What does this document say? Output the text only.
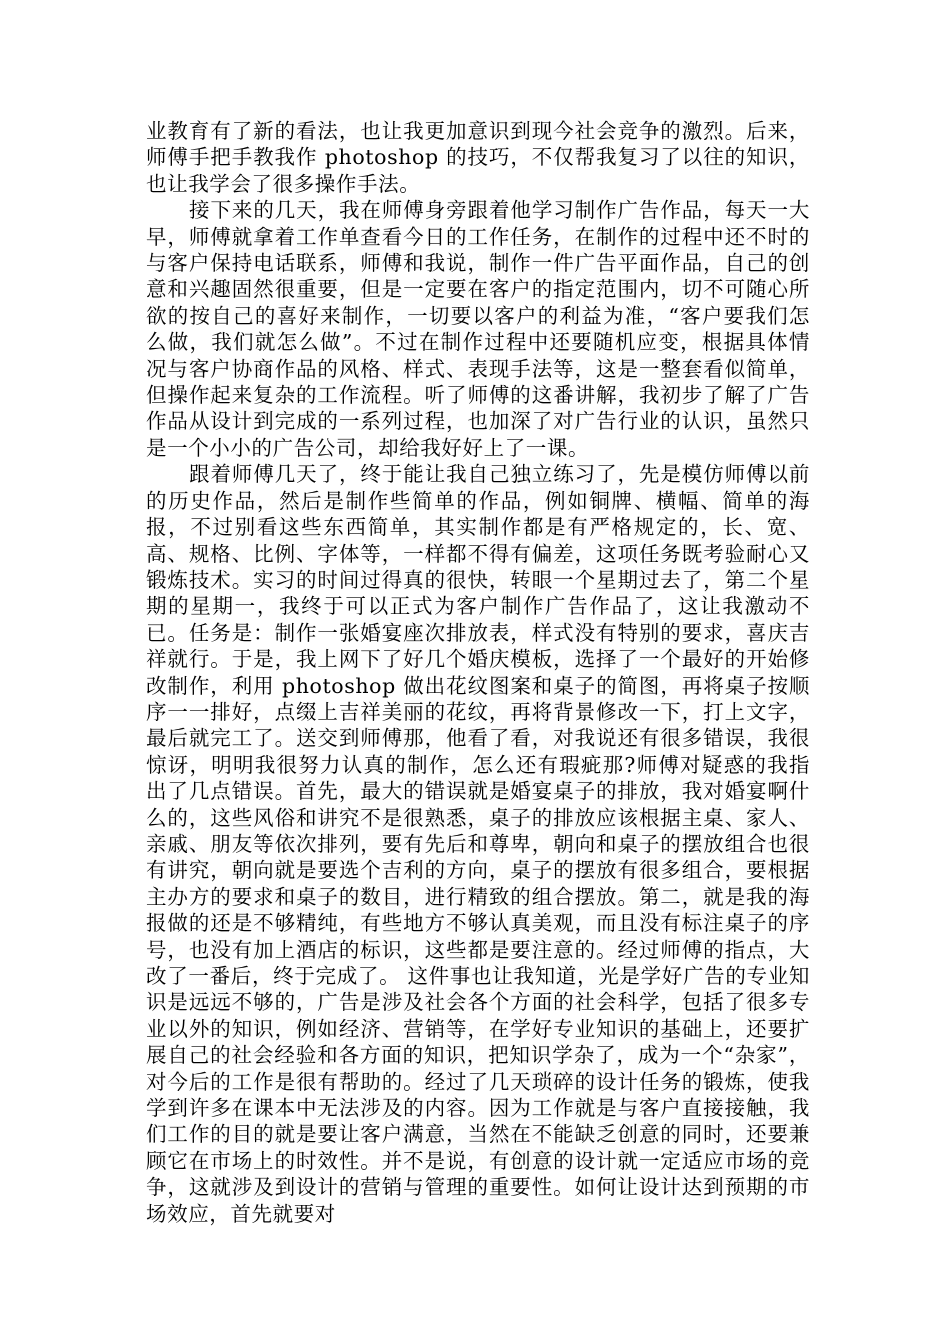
业教育有了新的看法，也让我更加意识到现今社会竞争的激烈。后来，师傅手把手教我作 photoshop 的技巧，不仅帮我复习了以往的知识，也让我学会了很多操作手法。

接下来的几天，我在师傅身旁跟着他学习制作广告作品，每天一大早，师傅就拿着工作单查看今日的工作任务，在制作的过程中还不时的与客户保持电话联系，师傅和我说，制作一件广告平面作品，自己的创意和兴趣固然很重要，但是一定要在客户的指定范围内，切不可随心所欲的按自己的喜好来制作，一切要以客户的利益为准，“客户要我们怎么做，我们就怎么做”。不过在制作过程中还要随机应变，根据具体情况与客户协商作品的风格、样式、表现手法等，这是一整套看似简单，但操作起来复杂的工作流程。听了师傅的这番讲解，我初步了解了广告作品从设计到完成的一系列过程，也加深了对广告行业的认识，虽然只是一个小小的广告公司，却给我好好上了一课。

跟着师傅几天了，终于能让我自己独立练习了，先是模仿师傅以前的历史作品，然后是制作些简单的作品，例如铜牌、横幅、简单的海报，不过别看这些东西简单，其实制作都是有严格规定的，长、宽、高、规格、比例、字体等，一样都不得有偏差，这项任务既考验耐心又锻炼技术。实习的时间过得真的很快，转眼一个星期过去了，第二个星期的星期一，我终于可以正式为客户制作广告作品了，这让我激动不已。任务是：制作一张婚宴座次排放表，样式没有特别的要求，喜庆吉祥就行。于是，我上网下了好几个婚庆模板，选择了一个最好的开始修改制作，利用 photoshop 做出花纹图案和桌子的简图，再将桌子按顺序一一排好，点缀上吉祥美丽的花纹，再将背景修改一下，打上文字，最后就完工了。送交到师傅那，他看了看，对我说还有很多错误，我很惊讶，明明我很努力认真的制作，怎么还有瑕疵那?师傅对疑惑的我指出了几点错误。首先，最大的错误就是婚宴桌子的排放，我对婚宴啊什么的，这些风俗和讲究不是很熟悉，桌子的排放应该根据主桌、家人、亲戚、朋友等依次排列，要有先后和尊卑，朝向和桌子的摆放组合也很有讲究，朝向就是要选个吉利的方向，桌子的摆放有很多组合，要根据主办方的要求和桌子的数目，进行精致的组合摆放。第二，就是我的海报做的还是不够精纯，有些地方不够认真美观，而且没有标注桌子的序号，也没有加上酒店的标识，这些都是要注意的。经过师傅的指点，大改了一番后，终于完成了。 这件事也让我知道，光是学好广告的专业知识是远远不够的，广告是涉及社会各个方面的社会科学，包括了很多专业以外的知识，例如经济、营销等，在学好专业知识的基础上，还要扩展自己的社会经验和各方面的知识，把知识学杂了，成为一个“杂家”，对今后的工作是很有帮助的。经过了几天琐碎的设计任务的锻炼，使我学到许多在课本中无法涉及的内容。因为工作就是与客户直接接触，我们工作的目的就是要让客户满意，当然在不能缺乏创意的同时，还要兼顾它在市场上的时效性。并不是说，有创意的设计就一定适应市场的竞争，这就涉及到设计的营销与管理的重要性。如何让设计达到预期的市场效应，首先就要对
